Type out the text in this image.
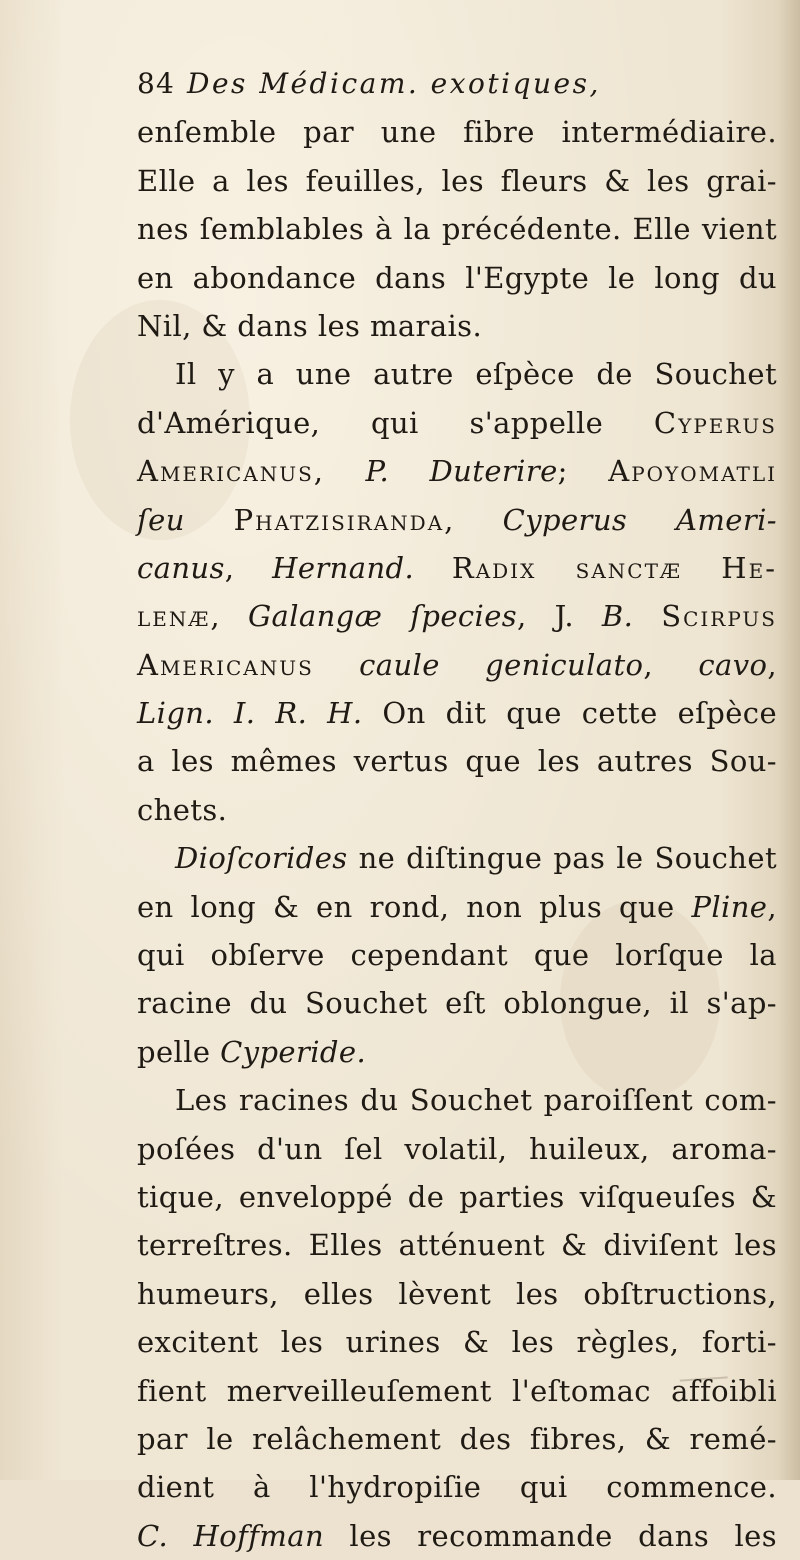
84 Des Médicam. exotiques,
enſemble par une fibre intermédiaire.
Elle a les feuilles, les fleurs & les grai-
nes ſemblables à la précédente. Elle vient
en abondance dans l'Egypte le long du
Nil, & dans les marais.
Il y a une autre eſpèce de Souchet
d'Amérique, qui s'appelle Cyperus
Americanus, P. Duterire; Apoyomatli
ſeu Phatzisiranda, Cyperus Ameri-
canus, Hernand. Radix sanctæ He-
lenæ, Galangæ ſpecies, J. B. Scirpus
Americanus caule geniculato, cavo,
Lign. I. R. H. On dit que cette eſpèce
a les mêmes vertus que les autres Sou-
chets.
Dioſcorides ne diſtingue pas le Souchet
en long & en rond, non plus que Pline,
qui obſerve cependant que lorſque la
racine du Souchet eſt oblongue, il s'ap-
pelle Cyperide.
Les racines du Souchet paroiſſent com-
poſées d'un ſel volatil, huileux, aroma-
tique, enveloppé de parties viſqueuſes &
terreſtres. Elles atténuent & diviſent les
humeurs, elles lèvent les obſtructions,
excitent les urines & les règles, forti-
fient merveilleuſement l'eſtomac affoibli
par le relâchement des fibres, & remé-
dient à l'hydropiſie qui commence.
C. Hoffman les recommande dans les
